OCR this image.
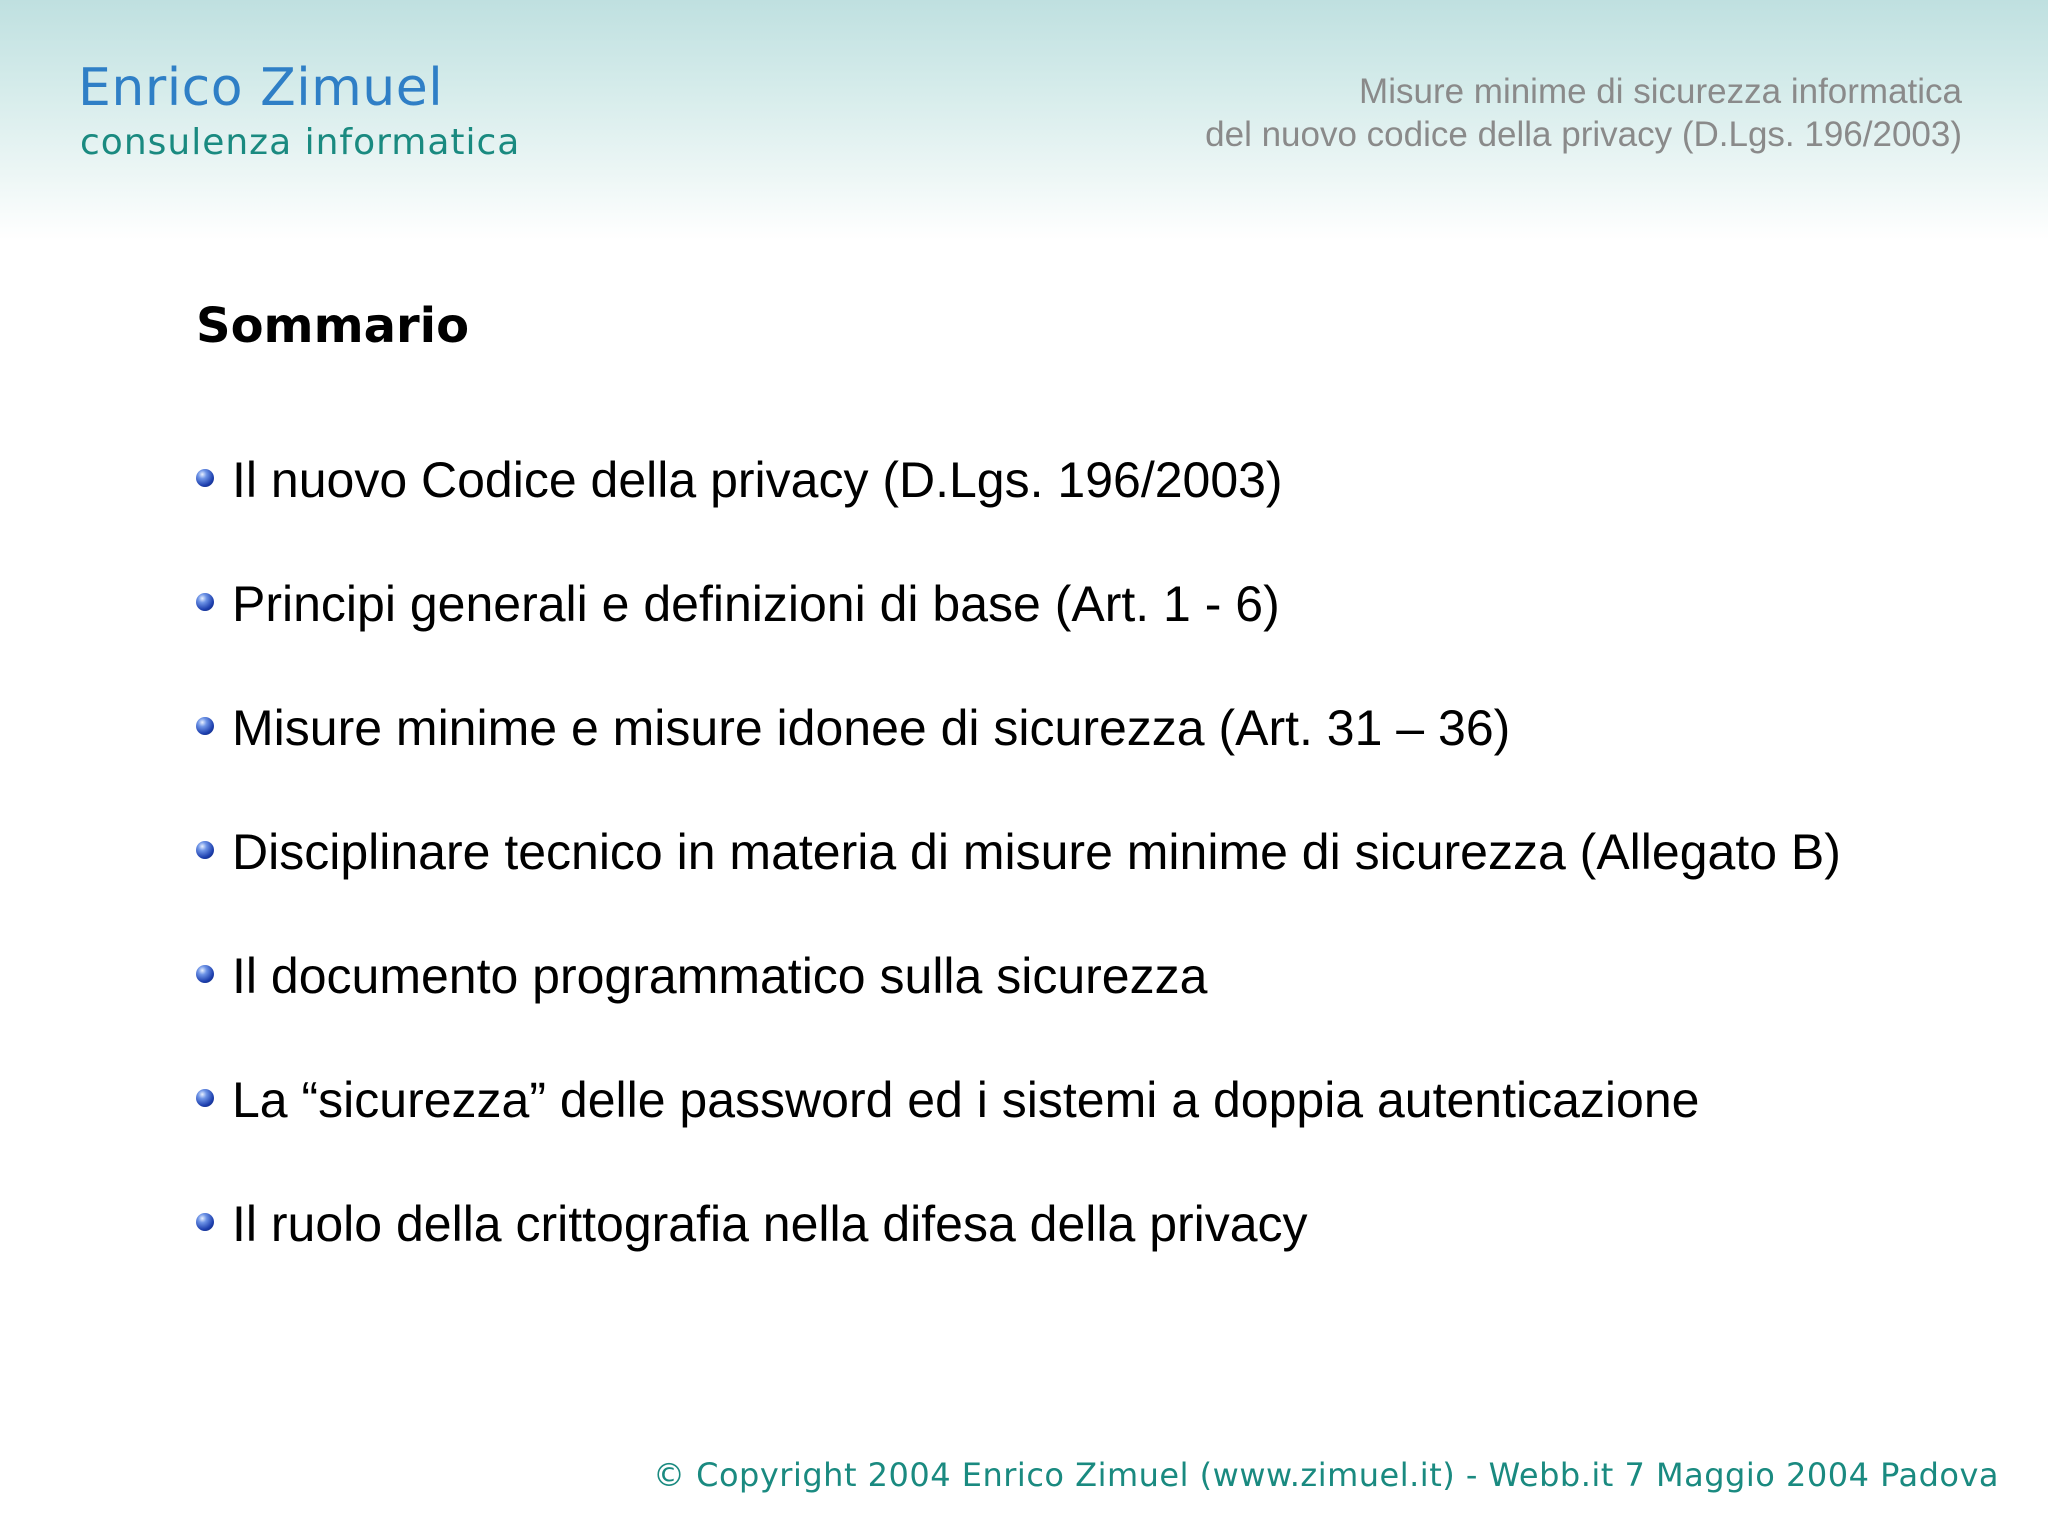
Enrico Zimuel
consulenza informatica
Misure minime di sicurezza informatica
del nuovo codice della privacy (D.Lgs. 196/2003)
Sommario
Il nuovo Codice della privacy (D.Lgs. 196/2003)
Principi generali e definizioni di base (Art. 1 - 6)
Misure minime e misure idonee di sicurezza (Art. 31 – 36)
Disciplinare tecnico in materia di misure minime di sicurezza (Allegato B)
Il documento programmatico sulla sicurezza
La “sicurezza” delle password ed i sistemi a doppia autenticazione
Il ruolo della crittografia nella difesa della privacy
© Copyright 2004 Enrico Zimuel (www.zimuel.it) - Webb.it 7 Maggio 2004 Padova
